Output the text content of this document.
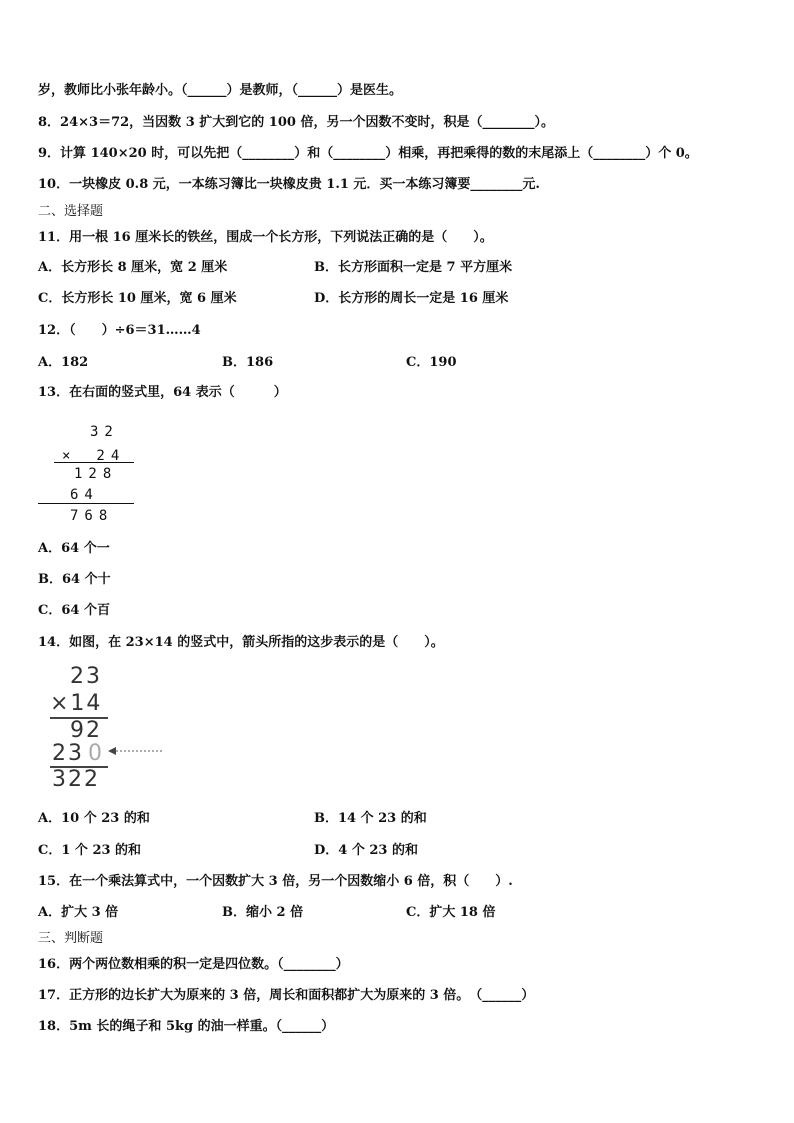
岁，教师比小张年龄小。（______）是教师，（______）是医生。
8．24×3＝72，当因数 3 扩大到它的 100 倍，另一个因数不变时，积是（________）。
9．计算 140×20 时，可以先把（________）和（________）相乘，再把乘得的数的末尾添上（________）个 0。
10．一块橡皮 0.8 元，一本练习簿比一块橡皮贵 1.1 元．买一本练习簿要________元.
二、选择题
11．用一根 16 厘米长的铁丝，围成一个长方形，下列说法正确的是（　　）。
A．长方形长 8 厘米，宽 2 厘米	B．长方形面积一定是 7 平方厘米
C．长方形长 10 厘米，宽 6 厘米	D．长方形的周长一定是 16 厘米
12．（　　）÷6＝31……4
A．182	B．186	C．190
13．在右面的竖式里，64 表示（　　　）
32
×　24
128
64
768
A．64 个一
B．64 个十
C．64 个百
14．如图，在 23×14 的竖式中，箭头所指的这步表示的是（　　）。
23
×14
92
23 0
322
A．10 个 23 的和	B．14 个 23 的和
C．1 个 23 的和	D．4 个 23 的和
15．在一个乘法算式中，一个因数扩大 3 倍，另一个因数缩小 6 倍，积（　　）.
A．扩大 3 倍	B．缩小 2 倍	C．扩大 18 倍
三、判断题
16．两个两位数相乘的积一定是四位数。（________）
17．正方形的边长扩大为原来的 3 倍，周长和面积都扩大为原来的 3 倍。　（______）
18．5m 长的绳子和 5kg 的油一样重。（______）
